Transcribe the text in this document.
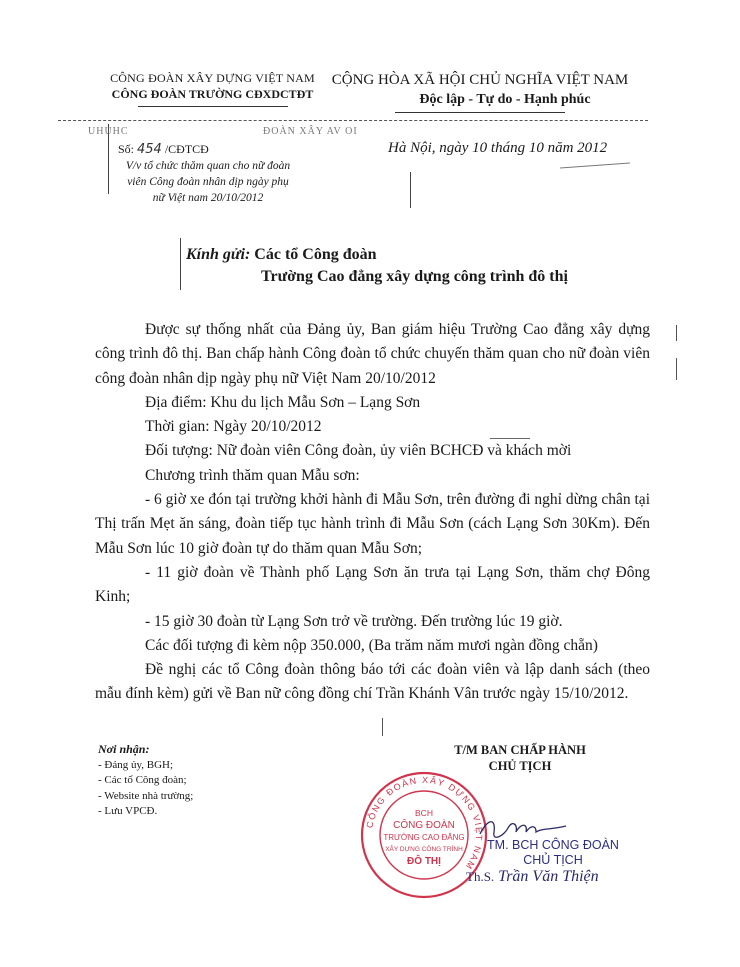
CÔNG ĐOÀN XÂY DỰNG VIỆT NAM
CÔNG ĐOÀN TRƯỜNG CĐXDCTĐT
CỘNG HÒA XÃ HỘI CHỦ NGHĨA VIỆT NAM
Độc lập - Tự do - Hạnh phúc
UHUHC	ĐOÀN XÂY AV OI
Số: 454 /CĐTCĐ
V/v tổ chức thăm quan cho nữ đoàn
viên Công đoàn nhân dịp ngày phụ
nữ Việt nam 20/10/2012
Hà Nội, ngày 10 tháng 10 năm 2012
Kính gửi: Các tổ Công đoàn
Trường Cao đẳng xây dựng công trình đô thị

Được sự thống nhất của Đảng ủy, Ban giám hiệu Trường Cao đẳng xây dựng công trình đô thị. Ban chấp hành Công đoàn tổ chức chuyến thăm quan cho nữ đoàn viên công đoàn nhân dịp ngày phụ nữ Việt Nam 20/10/2012

Địa điểm: Khu du lịch Mẫu Sơn – Lạng Sơn

Thời gian: Ngày 20/10/2012

Đối tượng: Nữ đoàn viên Công đoàn, ủy viên BCHCĐ và khách mời

Chương trình thăm quan Mẫu sơn:

- 6 giờ xe đón tại trường khởi hành đi Mẫu Sơn, trên đường đi nghỉ dừng chân tại Thị trấn Mẹt ăn sáng, đoàn tiếp tục hành trình đi Mẫu Sơn (cách Lạng Sơn 30Km). Đến Mẫu Sơn lúc 10 giờ đoàn tự do thăm quan Mẫu Sơn;

- 11 giờ đoàn về Thành phố Lạng Sơn ăn trưa tại Lạng Sơn, thăm chợ Đông Kinh;

- 15 giờ 30 đoàn từ Lạng Sơn trở về trường. Đến trường lúc 19 giờ.

Các đối tượng đi kèm nộp 350.000, (Ba trăm năm mươi ngàn đồng chẵn)

Đề nghị các tổ Công đoàn thông báo tới các đoàn viên và lập danh sách (theo mẫu đính kèm) gửi về Ban nữ công đồng chí Trần Khánh Vân trước ngày 15/10/2012.

Nơi nhận:
- Đảng ủy, BGH;
- Các tổ Công đoàn;
- Website nhà trường;
- Lưu VPCĐ.
T/M BAN CHẤP HÀNH
CHỦ TỊCH
CÔNG ĐOÀN XÂY DỰNG VIỆT NAM
BCH
CÔNG ĐOÀN
TRƯỜNG CAO ĐẲNG
XÂY DỰNG CÔNG TRÌNH
ĐÔ THỊ
TM. BCH CÔNG ĐOÀN
CHỦ TỊCH
Th.S. Trần Văn Thiện
